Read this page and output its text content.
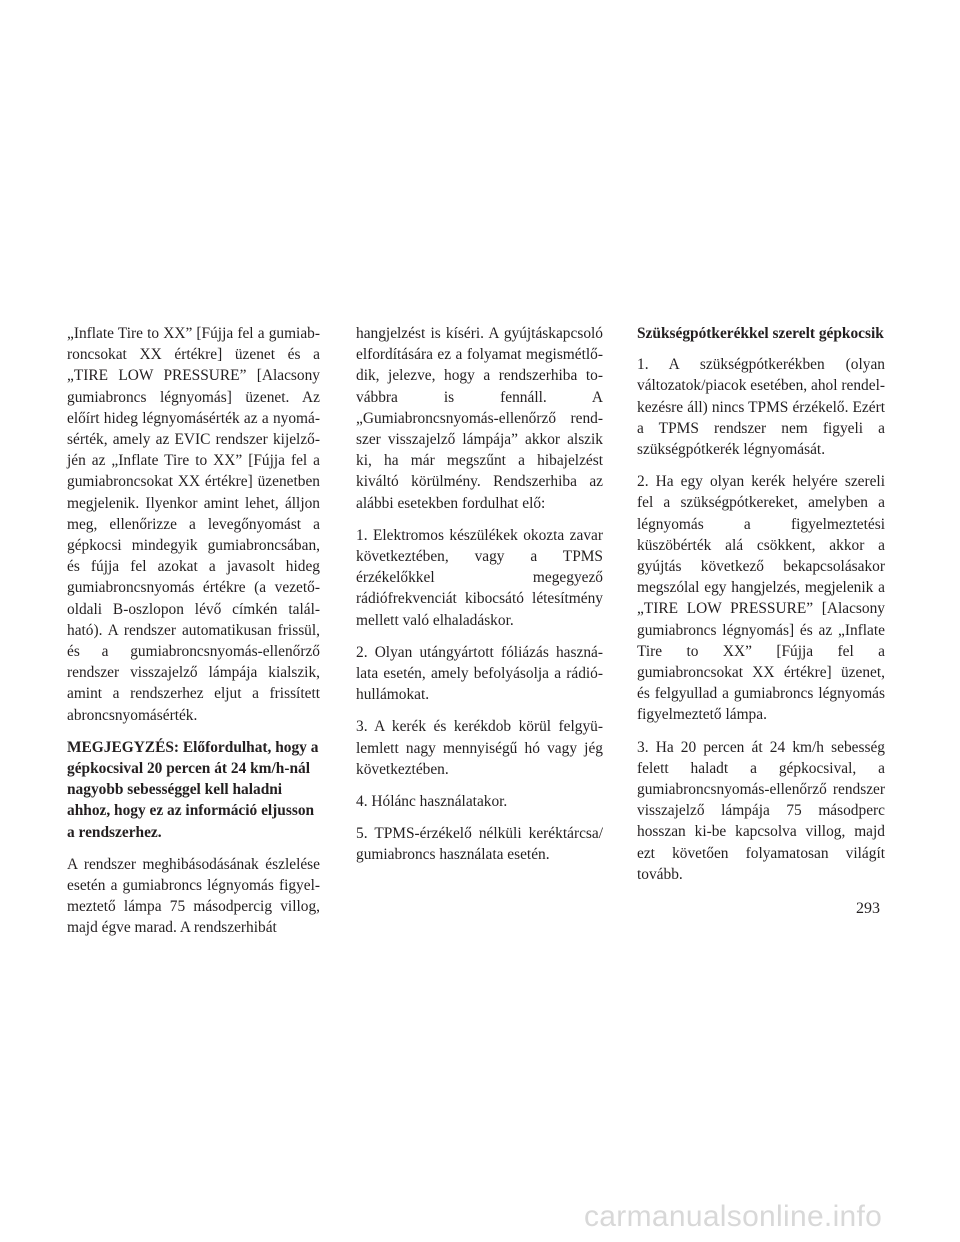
„Inflate Tire to XX” [Fújja fel a gumiabroncsokat XX értékre] üzenet és a „TIRE LOW PRESSURE” [Alacsony gumiabroncs légnyomás] üzenet. Az előírt hideg légnyomásérték az a nyomásérték, amely az EVIC rendszer kijelzőjén az „Inflate Tire to XX” [Fújja fel a gumiabroncsokat XX értékre] üzenetben megjelenik. Ilyenkor amint lehet, álljon meg, ellenőrizze a levegőnyomást a gépkocsi mindegyik gumiabroncsában, és fújja fel azokat a javasolt hideg gumiabroncsnyomás értékre (a vezetőoldali B-oszlopon lévő címkén található). A rendszer automatikusan frissül, és a gumiabroncsnyomás-ellenőrző rendszer visszajelző lámpája kialszik, amint a rendszerhez eljut a frissített abroncsnyomásérték.

MEGJEGYZÉS: Előfordulhat, hogy a gépkocsival 20 percen át 24 km/h-nál nagyobb sebességgel kell haladni ahhoz, hogy ez az információ eljusson a rendszerhez.

A rendszer meghibásodásának észlelése esetén a gumiabroncs légnyomás figyelmeztető lámpa 75 másodpercig villog, majd égve marad. A rendszerhibát

hangjelzést is kíséri. A gyújtáskapcsoló elfordítására ez a folyamat megismétlődik, jelezve, hogy a rendszerhiba továbbra is fennáll. A „Gumiabroncsnyomás-ellenőrző rendszer visszajelző lámpája” akkor alszik ki, ha már megszűnt a hibajelzést kiváltó körülmény. Rendszerhiba az alábbi esetekben fordulhat elő:

1. Elektromos készülékek okozta zavar következtében, vagy a TPMS érzékelőkkel megegyező rádiófrekvenciát kibocsátó létesítmény mellett való elhaladáskor.

2. Olyan utángyártott fóliázás használata esetén, amely befolyásolja a rádióhullámokat.

3. A kerék és kerékdob körül felgyülemlett nagy mennyiségű hó vagy jég következtében.

4. Hólánc használatakor.

5. TPMS-érzékelő nélküli keréktárcsa/ gumiabroncs használata esetén.

Szükségpótkerékkel szerelt gépkocsik

1. A szükségpótkerékben (olyan változatok/piacok esetében, ahol rendelkezésre áll) nincs TPMS érzékelő. Ezért a TPMS rendszer nem figyeli a szükségpótkerék légnyomását.

2. Ha egy olyan kerék helyére szereli fel a szükségpótkereket, amelyben a légnyomás a figyelmeztetési küszöbérték alá csökkent, akkor a gyújtás következő bekapcsolásakor megszólal egy hangjelzés, megjelenik a „TIRE LOW PRESSURE” [Alacsony gumiabroncs légnyomás] és az „Inflate Tire to XX” [Fújja fel a gumiabroncsokat XX értékre] üzenet, és felgyullad a gumiabroncs légnyomás figyelmeztető lámpa.

3. Ha 20 percen át 24 km/h sebesség felett haladt a gépkocsival, a gumiabroncsnyomás-ellenőrző rendszer visszajelző lámpája 75 másodperc hosszan ki-be kapcsolva villog, majd ezt követően folyamatosan világít tovább.

293
carmanualsonline.info
